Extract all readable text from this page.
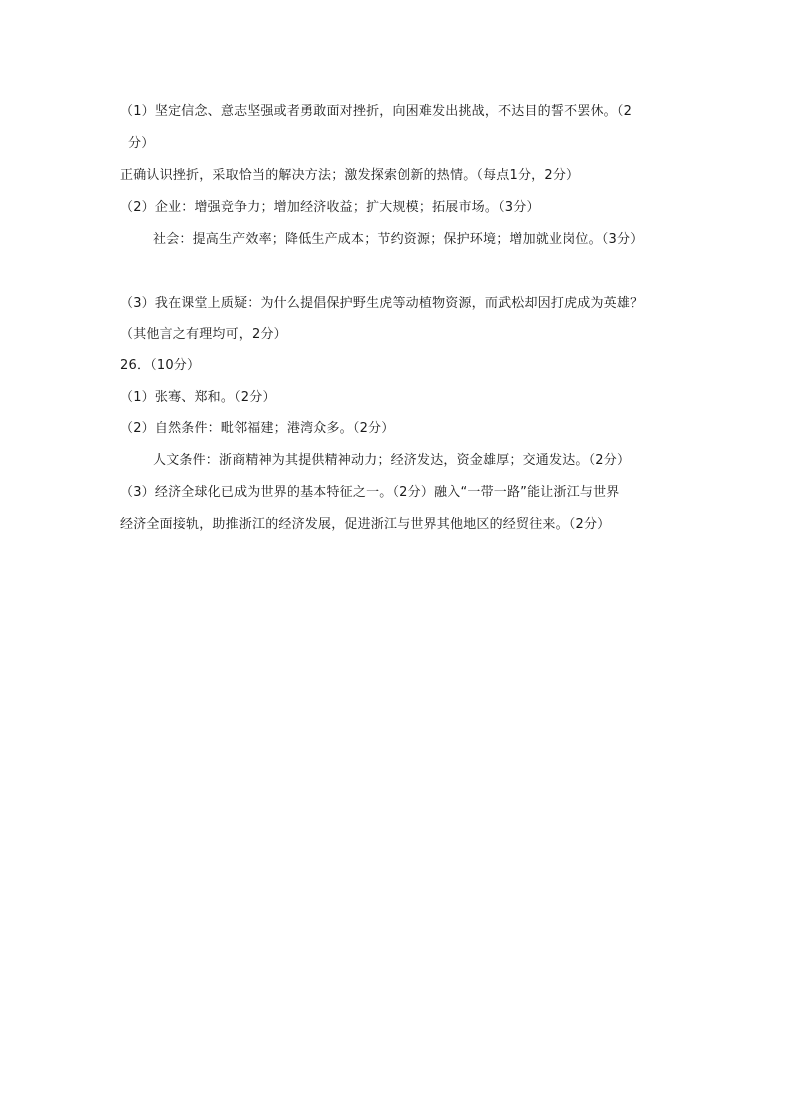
（1）坚定信念、意志坚强或者勇敢面对挫折，向困难发出挑战，不达目的誓不罢休。（2
分）
正确认识挫折，采取恰当的解决方法；激发探索创新的热情。（每点1分，2分）
（2）企业：增强竞争力；增加经济收益；扩大规模；拓展市场。（3分）
社会：提高生产效率；降低生产成本；节约资源；保护环境；增加就业岗位。（3分）
（3）我在课堂上质疑：为什么提倡保护野生虎等动植物资源，而武松却因打虎成为英雄？
（其他言之有理均可，2分）
26．（10分）
（1）张骞、郑和。（2分）
（2）自然条件：毗邻福建；港湾众多。（2分）
人文条件：浙商精神为其提供精神动力；经济发达，资金雄厚；交通发达。（2分）
（3）经济全球化已成为世界的基本特征之一。（2分）融入“一带一路”能让浙江与世界
经济全面接轨，助推浙江的经济发展，促进浙江与世界其他地区的经贸往来。（2分）
